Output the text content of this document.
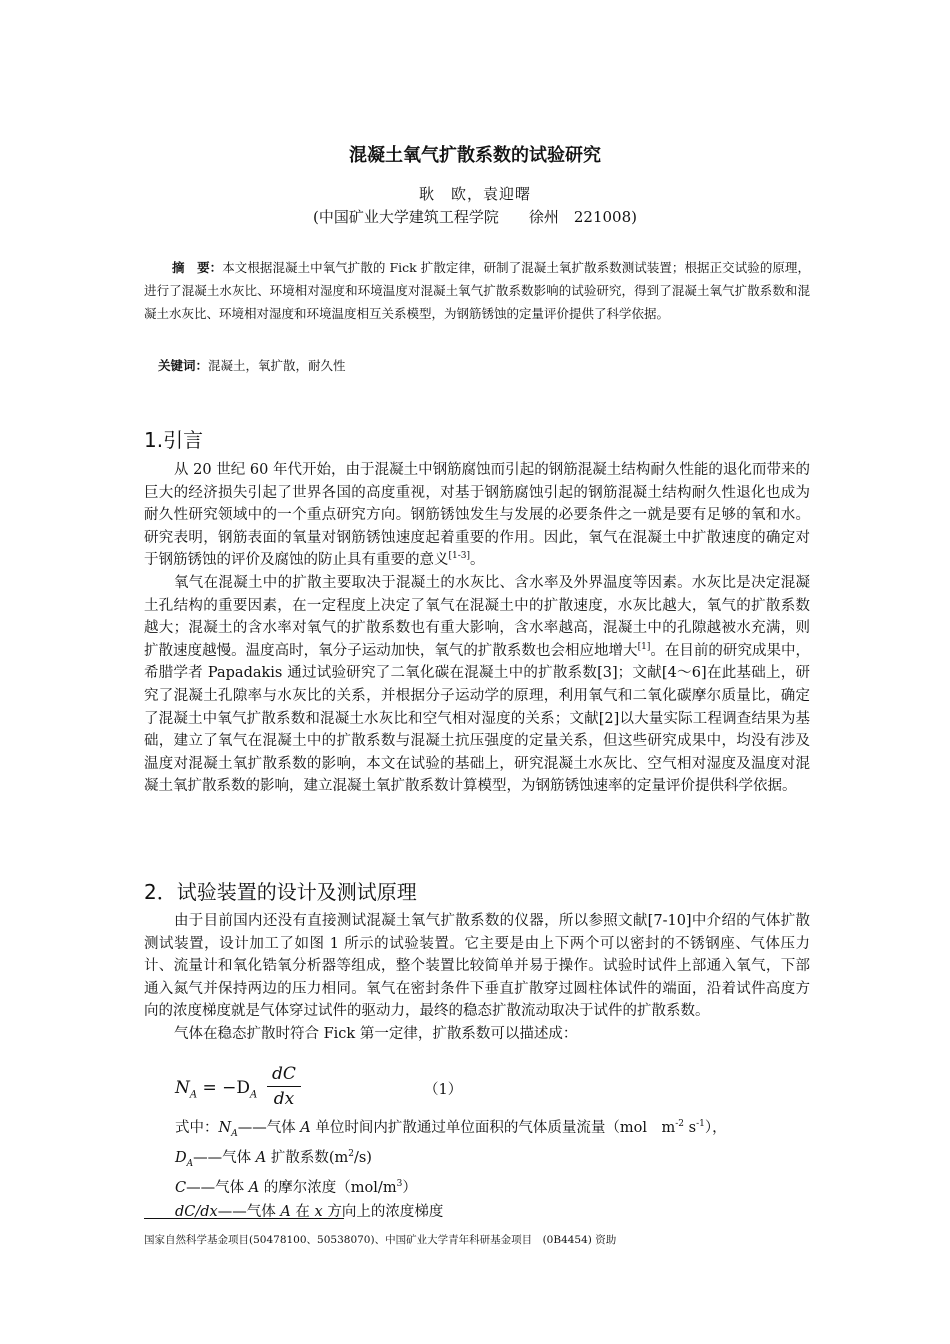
混凝土氧气扩散系数的试验研究
耿　欧，袁迎曙
(中国矿业大学建筑工程学院　　徐州　221008)
摘　要：本文根据混凝土中氧气扩散的 Fick 扩散定律，研制了混凝土氧扩散系数测试装置；根据正交试验的原理，进行了混凝土水灰比、环境相对湿度和环境温度对混凝土氧气扩散系数影响的试验研究，得到了混凝土氧气扩散系数和混凝土水灰比、环境相对湿度和环境温度相互关系模型，为钢筋锈蚀的定量评价提供了科学依据。
关键词：混凝土，氧扩散，耐久性
1.引言

从 20 世纪 60 年代开始，由于混凝土中钢筋腐蚀而引起的钢筋混凝土结构耐久性能的退化而带来的巨大的经济损失引起了世界各国的高度重视，对基于钢筋腐蚀引起的钢筋混凝土结构耐久性退化也成为耐久性研究领域中的一个重点研究方向。钢筋锈蚀发生与发展的必要条件之一就是要有足够的氧和水。研究表明，钢筋表面的氧量对钢筋锈蚀速度起着重要的作用。因此，氧气在混凝土中扩散速度的确定对于钢筋锈蚀的评价及腐蚀的防止具有重要的意义[1-3]。

氧气在混凝土中的扩散主要取决于混凝土的水灰比、含水率及外界温度等因素。水灰比是决定混凝土孔结构的重要因素，在一定程度上决定了氧气在混凝土中的扩散速度，水灰比越大，氧气的扩散系数越大；混凝土的含水率对氧气的扩散系数也有重大影响，含水率越高，混凝土中的孔隙越被水充满，则扩散速度越慢。温度高时，氧分子运动加快，氧气的扩散系数也会相应地增大[1]。在目前的研究成果中，希腊学者 Papadakis 通过试验研究了二氧化碳在混凝土中的扩散系数[3]；文献[4～6]在此基础上，研究了混凝土孔隙率与水灰比的关系，并根据分子运动学的原理，利用氧气和二氧化碳摩尔质量比，确定了混凝土中氧气扩散系数和混凝土水灰比和空气相对湿度的关系；文献[2]以大量实际工程调查结果为基础，建立了氧气在混凝土中的扩散系数与混凝土抗压强度的定量关系，但这些研究成果中，均没有涉及温度对混凝土氧扩散系数的影响，本文在试验的基础上，研究混凝土水灰比、空气相对湿度及温度对混凝土氧扩散系数的影响，建立混凝土氧扩散系数计算模型，为钢筋锈蚀速率的定量评价提供科学依据。

2．试验装置的设计及测试原理

由于目前国内还没有直接测试混凝土氧气扩散系数的仪器，所以参照文献[7-10]中介绍的气体扩散测试装置，设计加工了如图 1 所示的试验装置。它主要是由上下两个可以密封的不锈钢座、气体压力计、流量计和氧化锆氧分析器等组成，整个装置比较简单并易于操作。试验时试件上部通入氧气，下部通入氮气并保持两边的压力相同。氧气在密封条件下垂直扩散穿过圆柱体试件的端面，沿着试件高度方向的浓度梯度就是气体穿过试件的驱动力，最终的稳态扩散流动取决于试件的扩散系数。

气体在稳态扩散时符合 Fick 第一定律，扩散系数可以描述成：

$N_A = -D_A \frac{dC}{dx}$	（1）
式中：$N_A——$气体 A 单位时间内扩散通过单位面积的气体质量流量（mol　$m^{-2}$ $s^{-1}$），
$D_A——$气体 A 扩散系数$(m^2/s)$
C——气体 A 的摩尔浓度$(mol/m^3)$
dC/dx——气体 A 在 x 方向上的浓度梯度
国家自然科学基金项目(50478100、50538070)、中国矿业大学青年科研基金项目　(0B4454) 资助
